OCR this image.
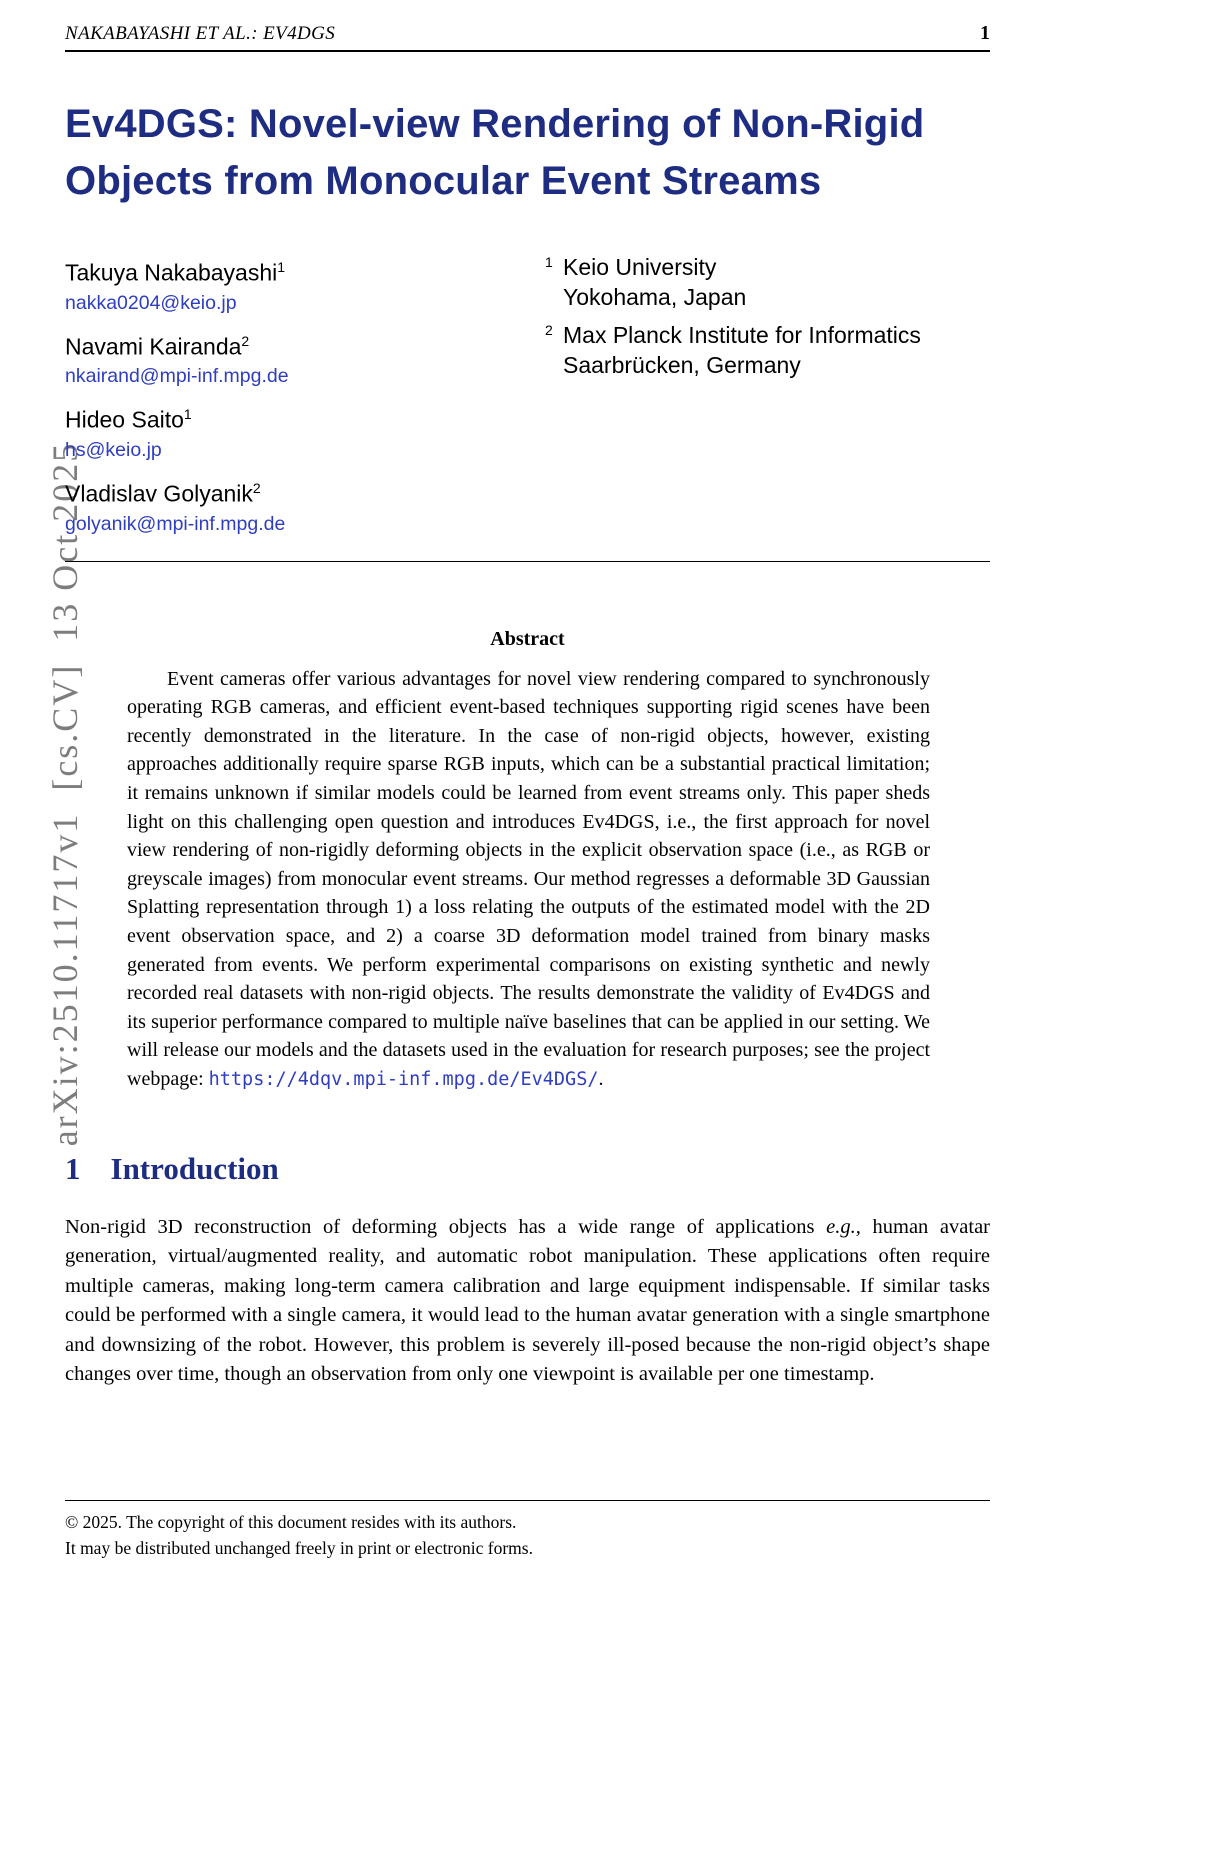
arXiv:2510.11717v1  [cs.CV]  13 Oct 2025
NAKABAYASHI ET AL.: EV4DGS	1
Ev4DGS: Novel-view Rendering of Non-Rigid
Objects from Monocular Event Streams
Takuya Nakabayashi$^1$
nakka0204@keio.jp
Navami Kairanda$^2$
nkairand@mpi-inf.mpg.de
Hideo Saito$^1$
hs@keio.jp
Vladislav Golyanik$^2$
golyanik@mpi-inf.mpg.de
1 Keio University
Yokohama, Japan
2 Max Planck Institute for Informatics
Saarbrücken, Germany
Abstract

Event cameras offer various advantages for novel view rendering compared to synchronously operating RGB cameras, and efficient event-based techniques supporting rigid scenes have been recently demonstrated in the literature. In the case of non-rigid objects, however, existing approaches additionally require sparse RGB inputs, which can be a substantial practical limitation; it remains unknown if similar models could be learned from event streams only. This paper sheds light on this challenging open question and introduces Ev4DGS, i.e., the first approach for novel view rendering of non-rigidly deforming objects in the explicit observation space (i.e., as RGB or greyscale images) from monocular event streams. Our method regresses a deformable 3D Gaussian Splatting representation through 1) a loss relating the outputs of the estimated model with the 2D event observation space, and 2) a coarse 3D deformation model trained from binary masks generated from events. We perform experimental comparisons on existing synthetic and newly recorded real datasets with non-rigid objects. The results demonstrate the validity of Ev4DGS and its superior performance compared to multiple naïve baselines that can be applied in our setting. We will release our models and the datasets used in the evaluation for research purposes; see the project webpage: https://4dqv.mpi-inf.mpg.de/Ev4DGS/.

1 Introduction

Non-rigid 3D reconstruction of deforming objects has a wide range of applications e.g., human avatar generation, virtual/augmented reality, and automatic robot manipulation. These applications often require multiple cameras, making long-term camera calibration and large equipment indispensable. If similar tasks could be performed with a single camera, it would lead to the human avatar generation with a single smartphone and downsizing of the robot. However, this problem is severely ill-posed because the non-rigid object’s shape changes over time, though an observation from only one viewpoint is available per one timestamp.

© 2025. The copyright of this document resides with its authors.
It may be distributed unchanged freely in print or electronic forms.
